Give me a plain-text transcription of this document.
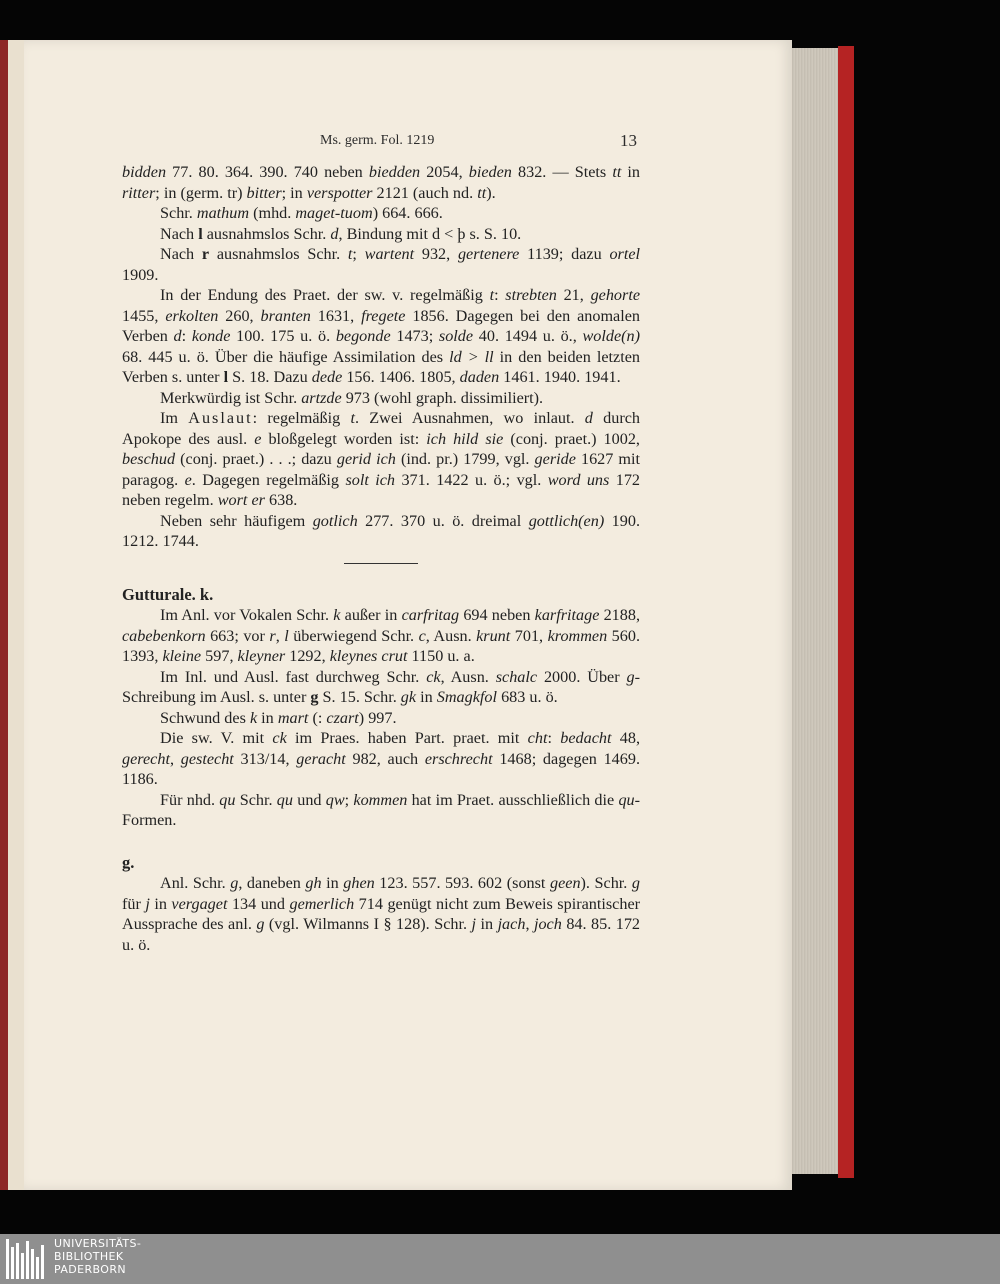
Ms. germ. Fol. 1219	13

bidden 77. 80. 364. 390. 740 neben biedden 2054, bieden 832. — Stets tt in ritter; in (germ. tr) bitter; in verspotter 2121 (auch nd. tt).

Schr. mathum (mhd. maget-tuom) 664. 666.

Nach l ausnahmslos Schr. d, Bindung mit d < þ s. S. 10.

Nach r ausnahmslos Schr. t; wartent 932, gertenere 1139; dazu ortel 1909.

In der Endung des Praet. der sw. v. regelmäßig t: strebten 21, gehorte 1455, erkolten 260, branten 1631, fregete 1856. Dagegen bei den anomalen Verben d: konde 100. 175 u. ö. begonde 1473; solde 40. 1494 u. ö., wolde(n) 68. 445 u. ö. Über die häufige Assimilation des ld > ll in den beiden letzten Verben s. unter l S. 18. Dazu dede 156. 1406. 1805, daden 1461. 1940. 1941.

Merkwürdig ist Schr. artzde 973 (wohl graph. dissimiliert).

Im Auslaut: regelmäßig t. Zwei Ausnahmen, wo inlaut. d durch Apokope des ausl. e bloßgelegt worden ist: ich hild sie (conj. praet.) 1002, beschud (conj. praet.) . . .; dazu gerid ich (ind. pr.) 1799, vgl. geride 1627 mit paragog. e. Dagegen regelmäßig solt ich 371. 1422 u. ö.; vgl. word uns 172 neben regelm. wort er 638.

Neben sehr häufigem gotlich 277. 370 u. ö. dreimal gottlich(en) 190. 1212. 1744.

Gutturale. k.

Im Anl. vor Vokalen Schr. k außer in carfritag 694 neben karfritage 2188, cabebenkorn 663; vor r, l überwiegend Schr. c, Ausn. krunt 701, krommen 560. 1393, kleine 597, kleyner 1292, kleynes crut 1150 u. a.

Im Inl. und Ausl. fast durchweg Schr. ck, Ausn. schalc 2000. Über g-Schreibung im Ausl. s. unter g S. 15. Schr. gk in Smagkfol 683 u. ö.

Schwund des k in mart (: czart) 997.

Die sw. V. mit ck im Praes. haben Part. praet. mit cht: bedacht 48, gerecht, gestecht 313/14, geracht 982, auch erschrecht 1468; dagegen 1469. 1186.

Für nhd. qu Schr. qu und qw; kommen hat im Praet. ausschließlich die qu-Formen.

g.

Anl. Schr. g, daneben gh in ghen 123. 557. 593. 602 (sonst geen). Schr. g für j in vergaget 134 und gemerlich 714 genügt nicht zum Beweis spirantischer Aussprache des anl. g (vgl. Wilmanns I § 128). Schr. j in jach, joch 84. 85. 172 u. ö.

UNIVERSITÄTS-
BIBLIOTHEK
PADERBORN
